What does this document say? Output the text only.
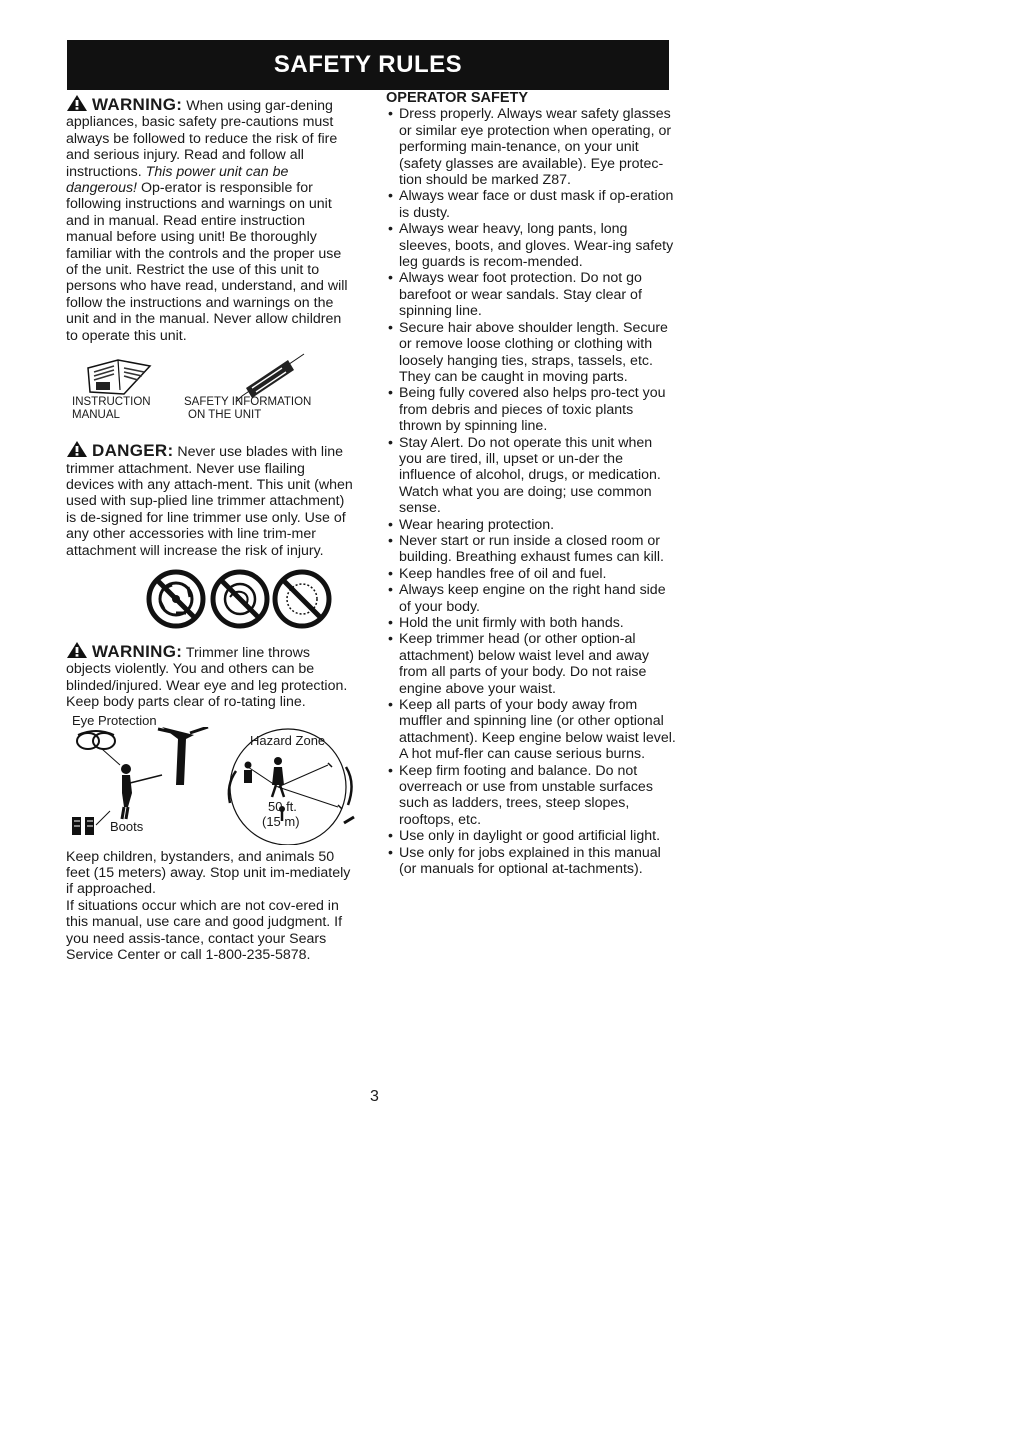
SAFETY RULES

WARNING: When using gar-dening appliances, basic safety pre-cautions must always be followed to reduce the risk of fire and serious injury. Read and follow all instructions. This power unit can be dangerous! Op-erator is responsible for following instructions and warnings on unit and in manual. Read entire instruction manual before using unit! Be thoroughly familiar with the controls and the proper use of the unit. Restrict the use of this unit to persons who have read, understand, and will follow the instructions and warnings on the unit and in the manual. Never allow children to operate this unit.

INSTRUCTION
MANUAL
SAFETY INFORMATION
ON THE UNIT

DANGER: Never use blades with line trimmer attachment. Never use flailing devices with any attach-ment. This unit (when used with sup-plied line trimmer attachment) is de-signed for line trimmer use only. Use of any other accessories with line trim-mer attachment will increase the risk of injury.

WARNING: Trimmer line throws objects violently. You and others can be blinded/injured. Wear eye and leg protection. Keep body parts clear of ro-tating line.

Eye Protection
Hazard Zone
50 ft.
(15 m)
Boots

Keep children, bystanders, and animals 50 feet (15 meters) away. Stop unit im-mediately if approached.

If situations occur which are not cov-ered in this manual, use care and good judgment. If you need assis-tance, contact your Sears Service Center or call 1-800-235-5878.

OPERATOR SAFETY

• Dress properly. Always wear safety glasses or similar eye protection when operating, or performing main-tenance, on your unit (safety glasses are available). Eye protec-tion should be marked Z87.
• Always wear face or dust mask if op-eration is dusty.
• Always wear heavy, long pants, long sleeves, boots, and gloves. Wear-ing safety leg guards is recom-mended.
• Always wear foot protection. Do not go barefoot or wear sandals. Stay clear of spinning line.
• Secure hair above shoulder length. Secure or remove loose clothing or clothing with loosely hanging ties, straps, tassels, etc. They can be caught in moving parts.
• Being fully covered also helps pro-tect you from debris and pieces of toxic plants thrown by spinning line.
• Stay Alert. Do not operate this unit when you are tired, ill, upset or un-der the influence of alcohol, drugs, or medication. Watch what you are doing; use common sense.
• Wear hearing protection.
• Never start or run inside a closed room or building. Breathing exhaust fumes can kill.
• Keep handles free of oil and fuel.
• Always keep engine on the right hand side of your body.
• Hold the unit firmly with both hands.
• Keep trimmer head (or other option-al attachment) below waist level and away from all parts of your body. Do not raise engine above your waist.
• Keep all parts of your body away from muffler and spinning line (or other optional attachment). Keep engine below waist level. A hot muf-fler can cause serious burns.
• Keep firm footing and balance. Do not overreach or use from unstable surfaces such as ladders, trees, steep slopes, rooftops, etc.
• Use only in daylight or good artificial light.
• Use only for jobs explained in this manual (or manuals for optional at-tachments).
3
